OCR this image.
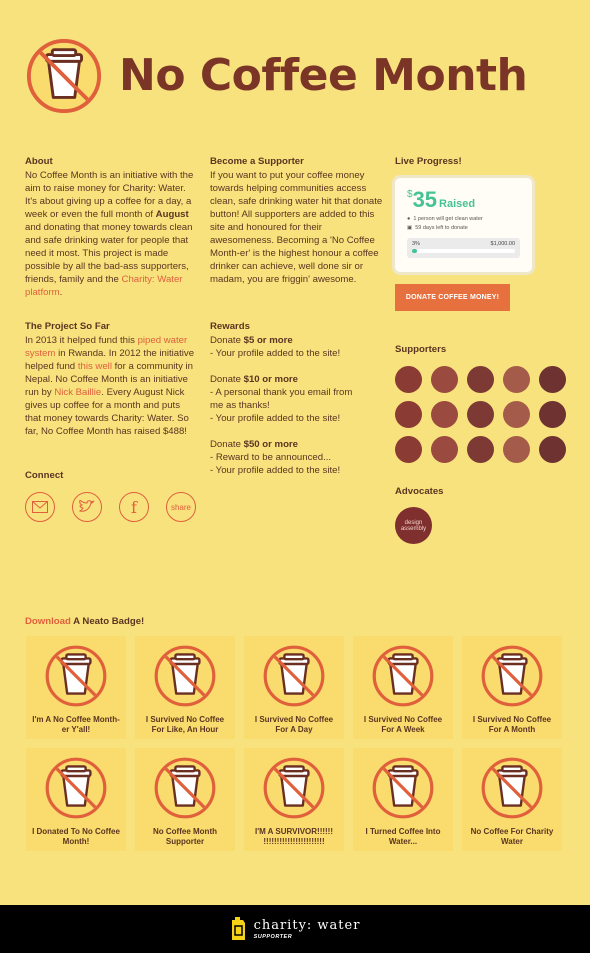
No Coffee Month
About

No Coffee Month is an initiative with the aim to raise money for Charity: Water. It's about giving up a coffee for a day, a week or even the full month of August and donating that money towards clean and safe drinking water for people that need it most. This project is made possible by all the bad-ass supporters, friends, family and the Charity: Water platform.

The Project So Far

In 2013 it helped fund this piped water system in Rwanda. In 2012 the initiative helped fund this well for a community in Nepal. No Coffee Month is an initiative run by Nick Baillie. Every August Nick gives up coffee for a month and puts that money towards Charity: Water. So far, No Coffee Month has raised $488!

Connect
f	share
Become a Supporter

If you want to put your coffee money towards helping communities access clean, safe drinking water hit that donate button! All supporters are added to this site and honoured for their awesomeness. Becoming a 'No Coffee Month-er' is the highest honour a coffee drinker can achieve, well done sir or madam, you are friggin' awesome.

Rewards

Donate $5 or more

- Your profile added to the site!

Donate $10 or more

- A personal thank you email from me as thanks!

- Your profile added to the site!

Donate $50 or more

- Reward to be announced...

- Your profile added to the site!

Live Progress!
$ 35 Raised
● 1 person will get clean water
▣ 59 days left to donate
3%	$1,000.00
DONATE COFFEE MONEY!
Supporters
Advocates
design assembly
Download A Neato Badge!
I'm A No Coffee Month-er Y'all!
I Survived No Coffee For Like, An Hour
I Survived No Coffee For A Day
I Survived No Coffee For A Week
I Survived No Coffee For A Month
I Donated To No Coffee Month!
No Coffee Month Supporter
I'M A SURVIVOR!!!!!! !!!!!!!!!!!!!!!!!!!!!!!
I Turned Coffee Into Water...
No Coffee For Charity Water
charity: water
SUPPORTER
